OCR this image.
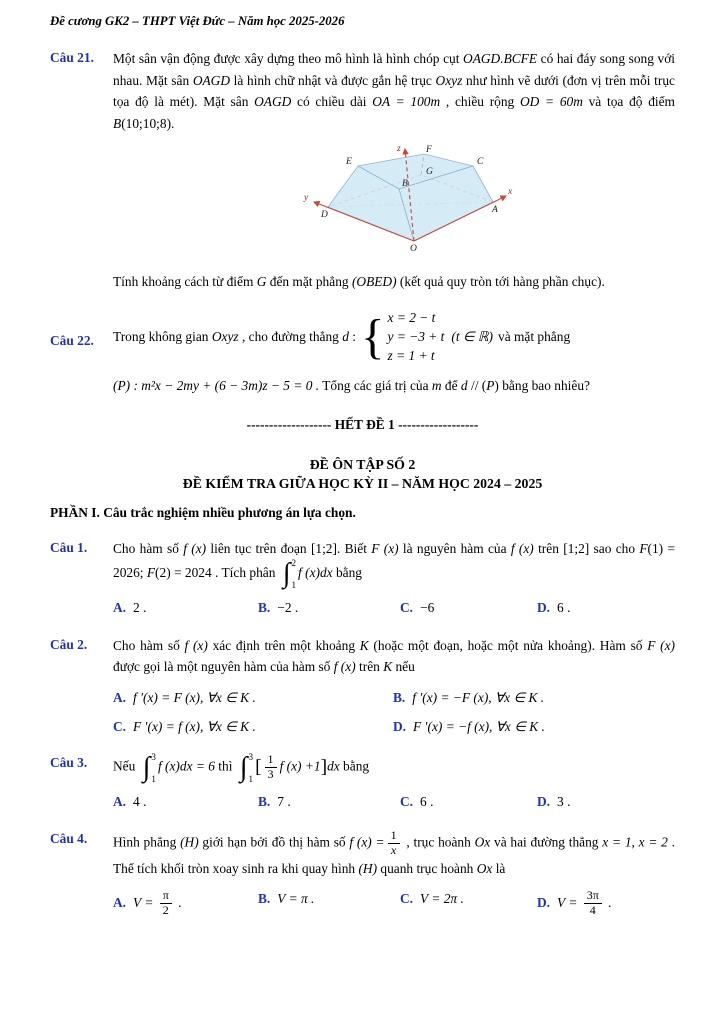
Đề cương GK2 – THPT Việt Đức – Năm học 2025-2026
Câu 21.	Một sân vận động được xây dựng theo mô hình là hình chóp cụt OAGD.BCFE có hai đáy song song với nhau. Mặt sân OAGD là hình chữ nhật và được gắn hệ trục Oxyz như hình vẽ dưới (đơn vị trên mỗi trục tọa độ là mét). Mặt sân OAGD có chiều dài OA = 100m , chiều rộng OD = 60m và tọa độ điểm B(10;10;8).

z	F
E	C
G
B
y
D	A
x
O

Tính khoảng cách từ điểm G đến mặt phẳng (OBED) (kết quả quy tròn tới hàng phần chục).

Câu 22.	Trong không gian Oxyz , cho đường thẳng d : { x = 2 − t
y = −3 + t (t ∈ ℝ)
z = 1 + t
và mặt phẳng

(P) : m²x − 2my + (6 − 3m)z − 5 = 0 . Tổng các giá trị của m để d // (P) bằng bao nhiêu?

------------------- HẾT ĐỀ 1 ------------------
ĐỀ ÔN TẬP SỐ 2
ĐỀ KIỂM TRA GIỮA HỌC KỲ II – NĂM HỌC 2024 – 2025
PHẦN I. Câu trắc nghiệm nhiều phương án lựa chọn.
Câu 1.	Cho hàm số f (x) liên tục trên đoạn [1;2]. Biết F (x) là nguyên hàm của f (x) trên [1;2] sao cho F(1) = 2026; F(2) = 2024 . Tích phân ∫ 2
1
f (x)dx bằng

A. 2 .	B. −2 .	C. −6	D. 6 .
Câu 2.	Cho hàm số f (x) xác định trên một khoảng K (hoặc một đoạn, hoặc một nửa khoảng). Hàm số F (x) được gọi là một nguyên hàm của hàm số f (x) trên K nếu

A. f ′(x) = F (x), ∀x ∈ K .	B. f ′(x) = −F (x), ∀x ∈ K .
C. F ′(x) = f (x), ∀x ∈ K .	D. F ′(x) = −f (x), ∀x ∈ K .
Câu 3.	Nếu ∫ 3
1
f (x)dx = 6 thì ∫ 3
1
[ $\frac{1}{3}$ f (x) +1]dx bằng

A. 4 .	B. 7 .	C. 6 .	D. 3 .
Câu 4.	Hình phẳng (H) giới hạn bởi đồ thị hàm số f $(x) = \frac{1}{x}$ , trục hoành Ox và hai đường thẳng x = 1, x = 2 . Thể tích khối tròn xoay sinh ra khi quay hình (H) quanh trục hoành Ox là

A. $V = \frac{\pi}{2}$ .	B. V = π .	C. V = 2π .	D. $V = \frac{3\pi}{4}$ .
